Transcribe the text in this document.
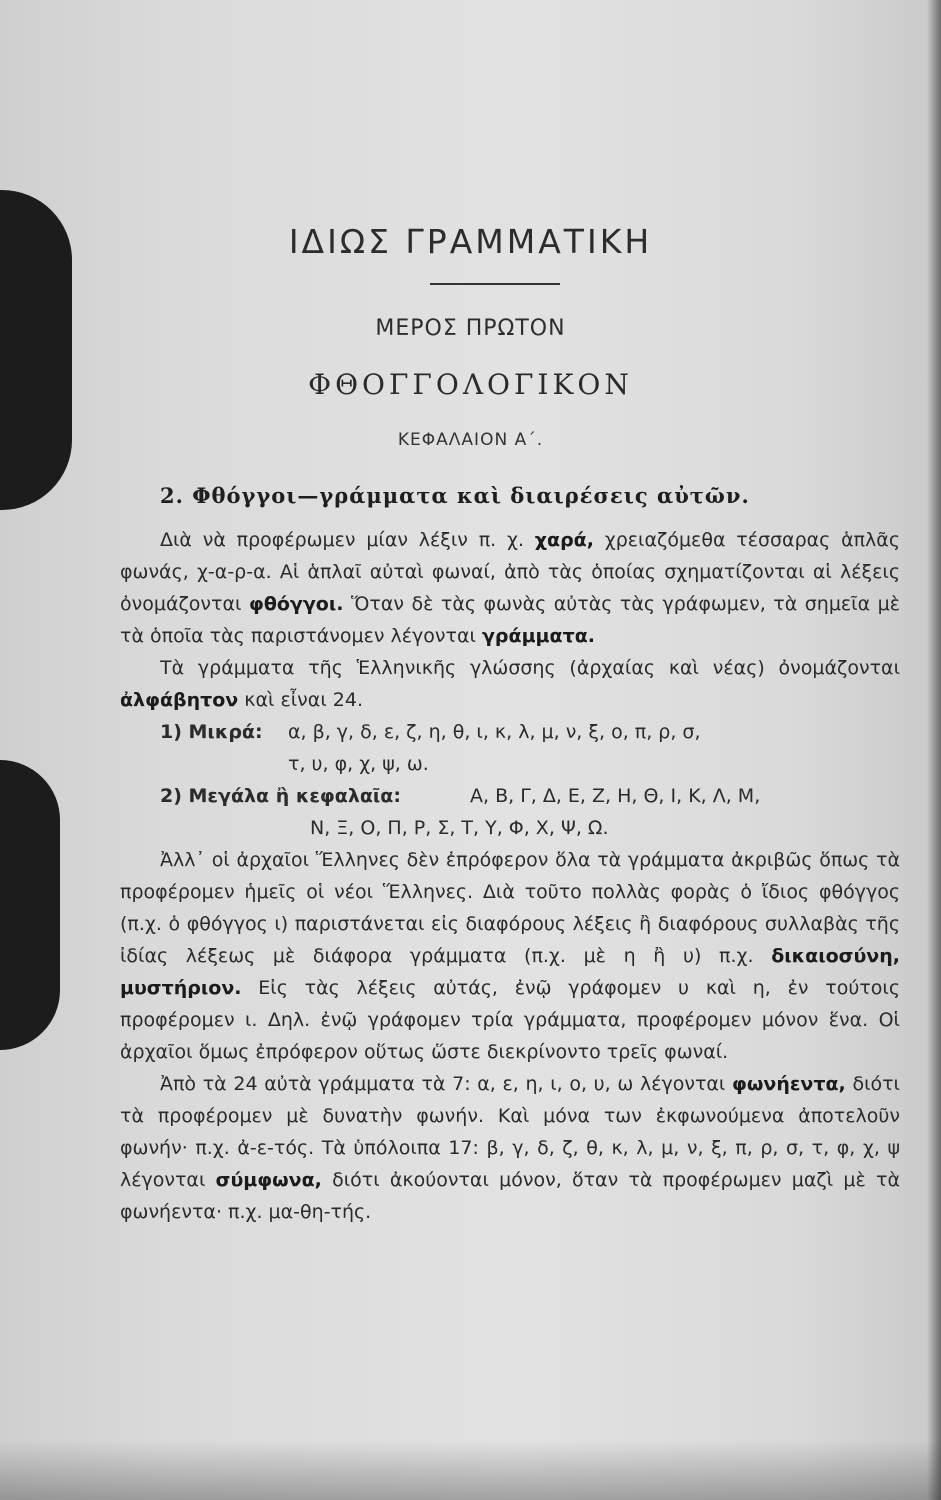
ΙΔΙΩΣ ΓΡΑΜΜΑΤΙΚΗ
ΜΕΡΟΣ ΠΡΩΤΟΝ
ΦΘΟΓΓΟΛΟΓΙΚΟΝ
ΚΕΦΑΛΑΙΟΝ Α΄.
2. Φθόγγοι—γράμματα καὶ διαιρέσεις αὐτῶν.

Διὰ νὰ προφέρωμεν μίαν λέξιν π. χ. χαρά, χρειαζόμεθα τέσσαρας ἁπλᾶς φωνάς, χ-α-ρ-α. Αἱ ἁπλαῖ αὐταὶ φωναί, ἀπὸ τὰς ὁποίας σχηματίζονται αἱ λέξεις ὀνομάζονται φθόγγοι. Ὅταν δὲ τὰς φωνὰς αὐτὰς τὰς γράφωμεν, τὰ σημεῖα μὲ τὰ ὁποῖα τὰς παριστάνομεν λέγονται γράμματα.

Τὰ γράμματα τῆς Ἑλληνικῆς γλώσσης (ἀρχαίας καὶ νέας) ὀνομάζονται ἀλφάβητον καὶ εἶναι 24.

1) Μικρά: α, β, γ, δ, ε, ζ, η, θ, ι, κ, λ, μ, ν, ξ, ο, π, ρ, σ,
τ, υ, φ, χ, ψ, ω.
2) Μεγάλα ἢ κεφαλαῖα:	Α, Β, Γ, Δ, Ε, Ζ, Η, Θ, Ι, Κ, Λ, Μ,
Ν, Ξ, Ο, Π, Ρ, Σ, Τ, Υ, Φ, Χ, Ψ, Ω.

Ἀλλ᾽ οἱ ἀρχαῖοι Ἕλληνες δὲν ἐπρόφερον ὅλα τὰ γράμματα ἀκριβῶς ὅπως τὰ προφέρομεν ἡμεῖς οἱ νέοι Ἕλληνες. Διὰ τοῦτο πολλὰς φορὰς ὁ ἴδιος φθόγγος (π.χ. ὁ φθόγγος ι) παριστάνεται εἰς διαφόρους λέξεις ἢ διαφόρους συλλαβὰς τῆς ἰδίας λέξεως μὲ διάφορα γράμματα (π.χ. μὲ η ἢ υ) π.χ. δικαιοσύνη, μυστήριον. Εἰς τὰς λέξεις αὐτάς, ἐνῷ γράφομεν υ καὶ η, ἐν τούτοις προφέρομεν ι. Δηλ. ἐνῷ γράφομεν τρία γράμματα, προφέρομεν μόνον ἕνα. Οἱ ἀρχαῖοι ὅμως ἐπρόφερον οὕτως ὥστε διεκρίνοντο τρεῖς φωναί.

Ἀπὸ τὰ 24 αὐτὰ γράμματα τὰ 7: α, ε, η, ι, ο, υ, ω λέγονται φωνήεντα, διότι τὰ προφέρομεν μὲ δυνατὴν φωνήν. Καὶ μόνα των ἐκφωνούμενα ἀποτελοῦν φωνήν· π.χ. ἀ-ε-τός. Τὰ ὑπόλοιπα 17: β, γ, δ, ζ, θ, κ, λ, μ, ν, ξ, π, ρ, σ, τ, φ, χ, ψ λέγονται σύμφωνα, διότι ἀκούονται μόνον, ὅταν τὰ προφέρωμεν μαζὶ μὲ τὰ φωνήεντα· π.χ. μα-θη-τής.
